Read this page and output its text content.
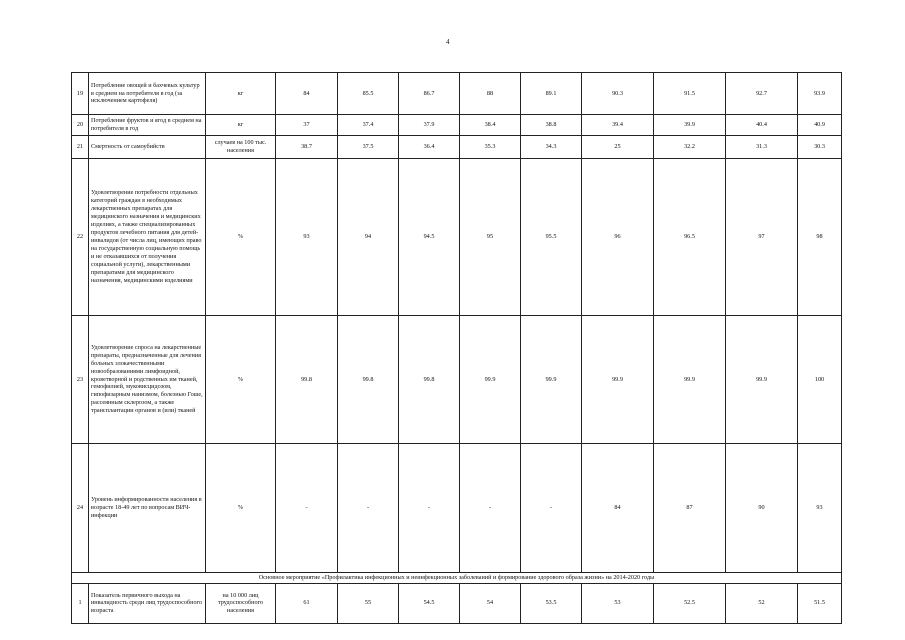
4
19	Потребление овощей и бахчевых культур в среднем на потребителя в год (за исключением картофеля)	кг	84	85.5	86.7	88	89.1	90.3	91.5	92.7	93.9
20	Потребление фруктов и ягод в среднем на потребителя в год	кг	37	37.4	37.9	38.4	38.8	39.4	39.9	40.4	40.9
21	Смертность от самоубийств	случаев на 100 тыс. населения	38.7	37.5	36.4	35.3	34.3	25	32.2	31.3	30.3
22	Удовлетворение потребности отдельных категорий граждан в необходимых лекарственных препаратах для медицинского назначения и медицинских изделиях, а также специализированных продуктов лечебного питания для детей-инвалидов (от числа лиц, имеющих право на государственную социальную помощь и не отказавшихся от получения социальной услуги), лекарственными препаратами для медицинского назначения, медицинскими изделиями	%	93	94	94.5	95	95.5	96	96.5	97	98
23	Удовлетворение спроса на лекарственные препараты, предназначенные для лечения больных злокачественными новообразованиями лимфоидной, кроветворной и родственных им тканей, гемофилией, муковисцидозом, гипофизарным нанизмом, болезнью Гоше, рассеянным склерозом, а также трансплантации органов и (или) тканей	%	99.8	99.8	99.8	99.9	99.9	99.9	99.9	99.9	100
24	Уровень информированности населения в возрасте 18-49 лет по вопросам ВИЧ-инфекции	%	-	-	-	-	-	84	87	90	93
Основное мероприятие «Профилактика инфекционных и неинфекционных заболеваний и формирование здорового образа жизни» на 2014-2020 годы											
1	Показатель первичного выхода на инвалидность среди лиц трудоспособного возраста	на 10 000 лиц трудоспособного населения	61	55	54.5	54	53.5	53	52.5	52	51.5
